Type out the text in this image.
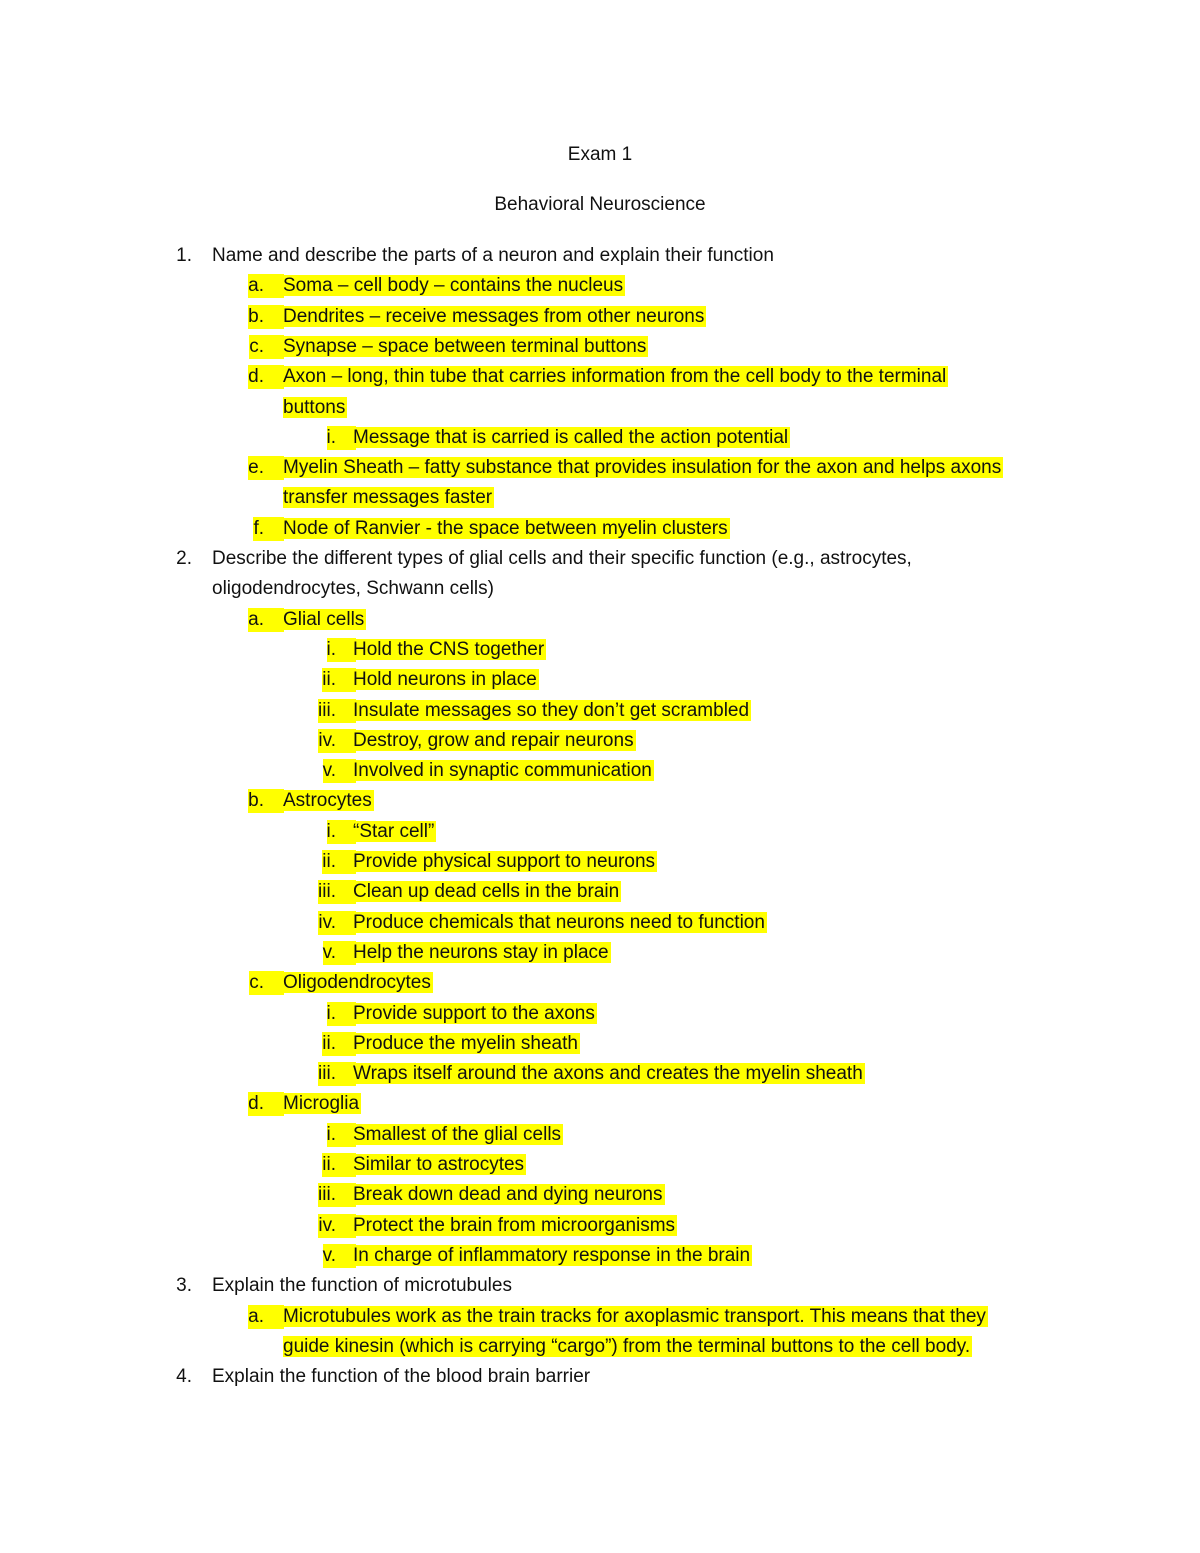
Exam 1
Behavioral Neuroscience
1. Name and describe the parts of a neuron and explain their function
a.	Soma – cell body – contains the nucleus
b.	Dendrites – receive messages from other neurons
c.	Synapse – space between terminal buttons
d.	Axon – long, thin tube that carries information from the cell body to the terminal
buttons
i. Message that is carried is called the action potential
e.	Myelin Sheath – fatty substance that provides insulation for the axon and helps axons
transfer messages faster
f.	Node of Ranvier - the space between myelin clusters
2. Describe the different types of glial cells and their specific function (e.g., astrocytes,
oligodendrocytes, Schwann cells)
a.	Glial cells
i. Hold the CNS together
ii. Hold neurons in place
iii. Insulate messages so they don’t get scrambled
iv. Destroy, grow and repair neurons
v. Involved in synaptic communication
b.	Astrocytes
i. “Star cell”
ii. Provide physical support to neurons
iii. Clean up dead cells in the brain
iv. Produce chemicals that neurons need to function
v. Help the neurons stay in place
c.	Oligodendrocytes
i. Provide support to the axons
ii. Produce the myelin sheath
iii. Wraps itself around the axons and creates the myelin sheath
d.	Microglia
i. Smallest of the glial cells
ii. Similar to astrocytes
iii. Break down dead and dying neurons
iv. Protect the brain from microorganisms
v. In charge of inflammatory response in the brain
3. Explain the function of microtubules
a.	Microtubules work as the train tracks for axoplasmic transport. This means that they
guide kinesin (which is carrying “cargo”) from the terminal buttons to the cell body.
4. Explain the function of the blood brain barrier
